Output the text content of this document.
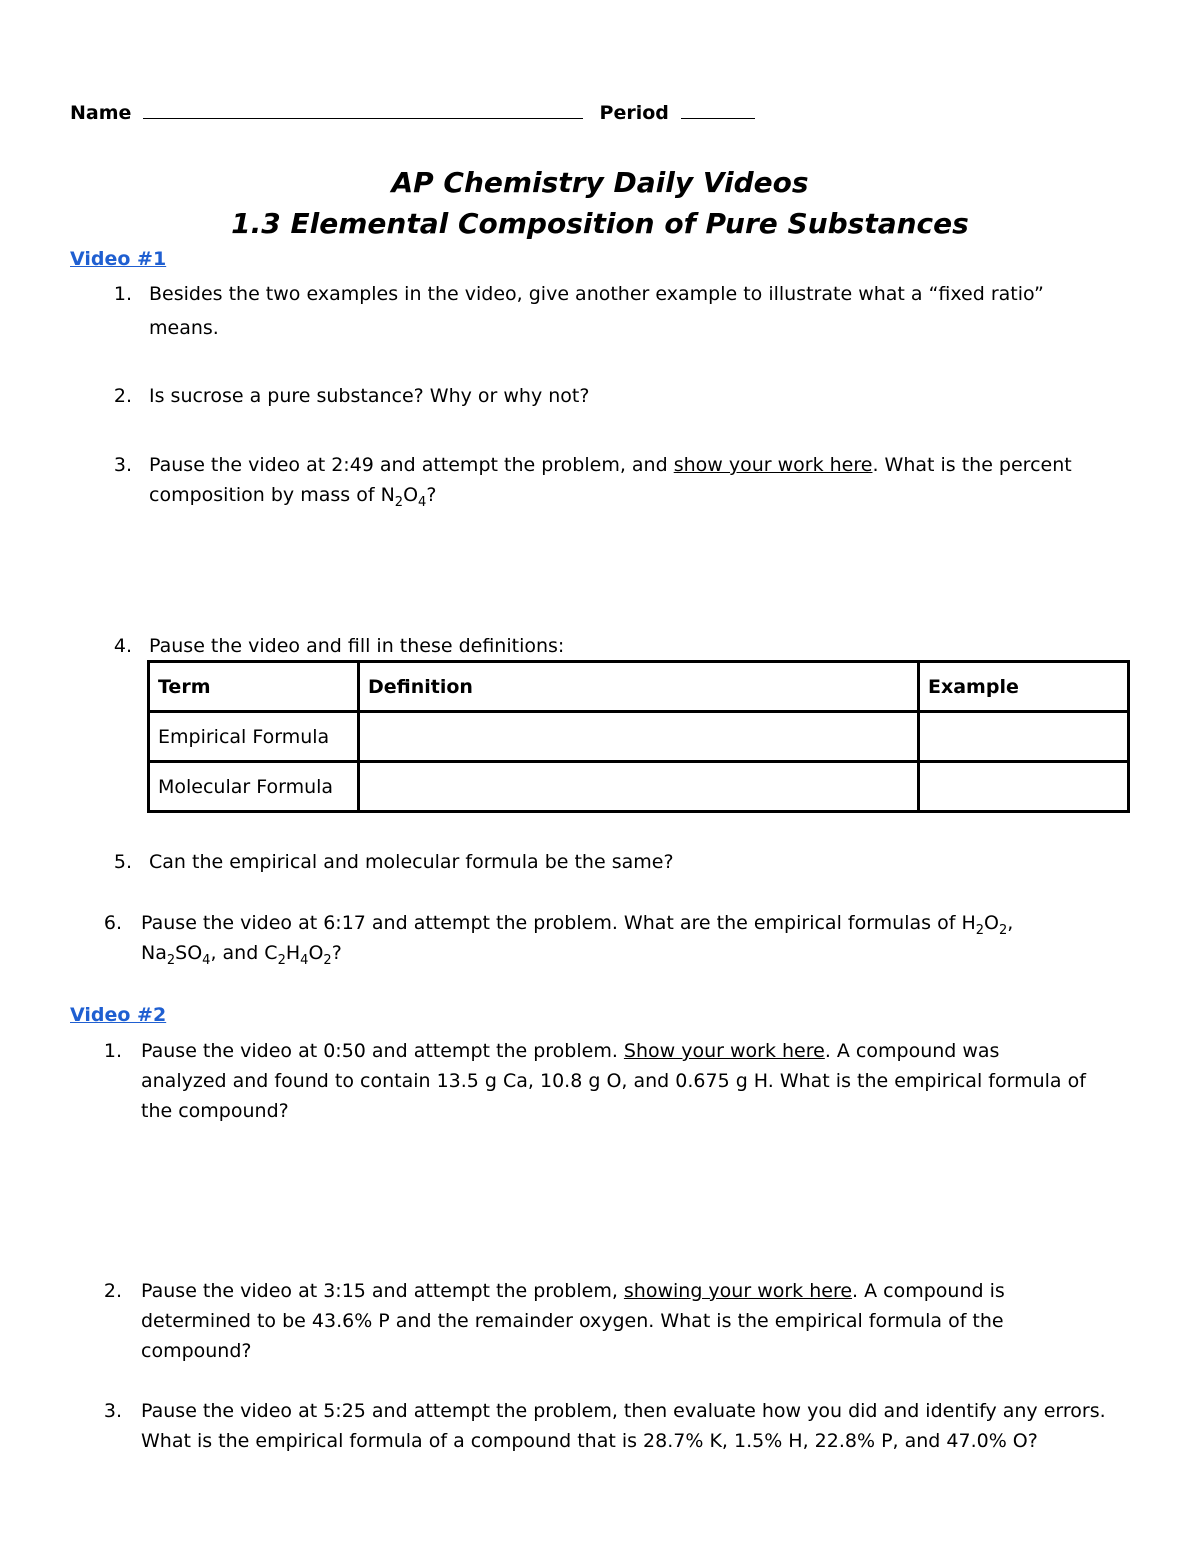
Name	Period
AP Chemistry Daily Videos
1.3 Elemental Composition of Pure Substances
Video #1
1. Besides the two examples in the video, give another example to illustrate what a “fixed ratio”
means.
2. Is sucrose a pure substance? Why or why not?
3. Pause the video at 2:49 and attempt the problem, and show your work here. What is the percent
composition by mass of $N_2O_4$?
4. Pause the video and fill in these definitions:
Term	Definition	Example
Empirical Formula		
Molecular Formula		
5. Can the empirical and molecular formula be the same?
6. Pause the video at 6:17 and attempt the problem. What are the empirical formulas of $H_2O_2$,
$Na_2SO_4$, and $C_2H_4O_2$?
Video #2
1. Pause the video at 0:50 and attempt the problem. Show your work here. A compound was
analyzed and found to contain 13.5 g Ca, 10.8 g O, and 0.675 g H. What is the empirical formula of
the compound?
2. Pause the video at 3:15 and attempt the problem, showing your work here. A compound is
determined to be 43.6% P and the remainder oxygen. What is the empirical formula of the
compound?
3. Pause the video at 5:25 and attempt the problem, then evaluate how you did and identify any errors.
What is the empirical formula of a compound that is 28.7% K, 1.5% H, 22.8% P, and 47.0% O?
